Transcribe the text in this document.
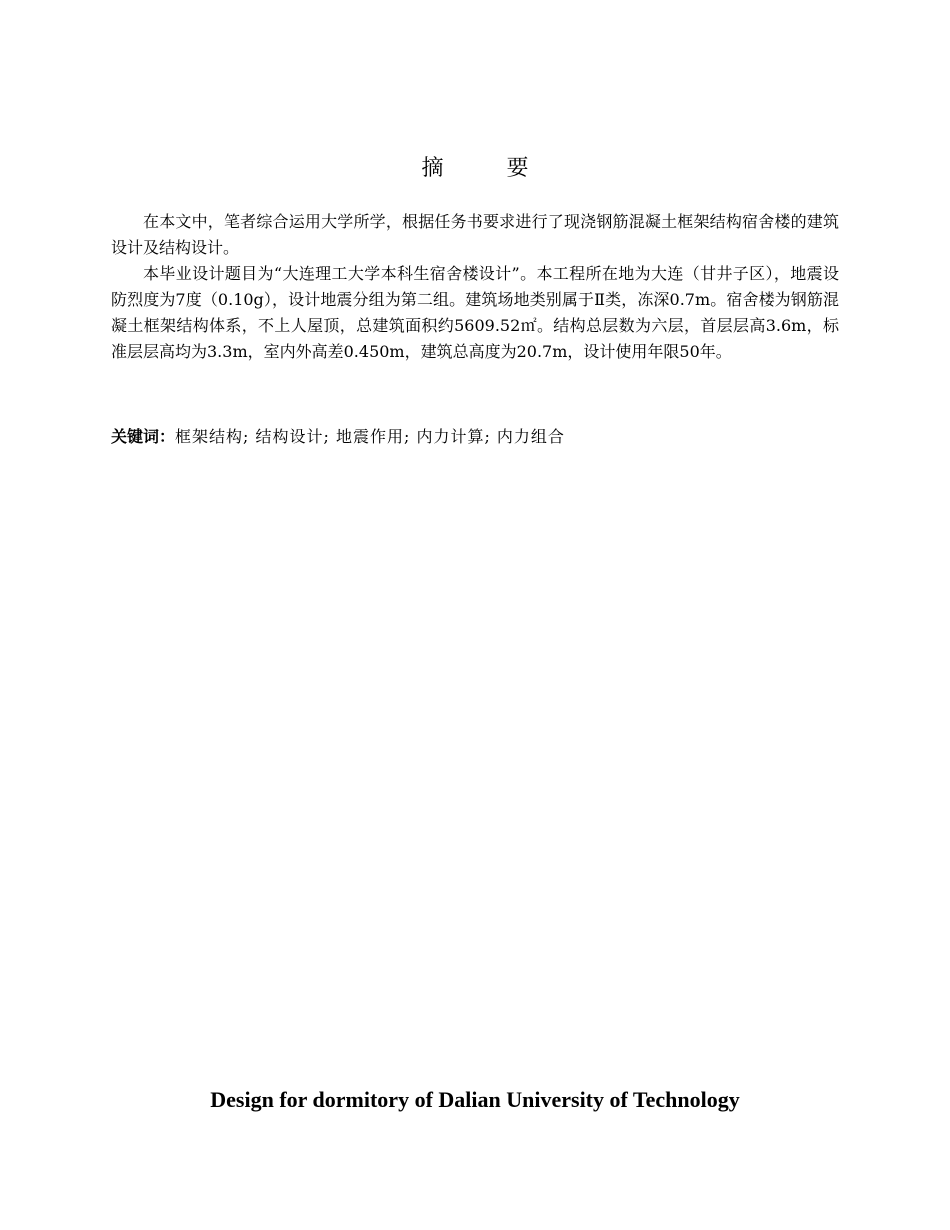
摘 要

在本文中，笔者综合运用大学所学，根据任务书要求进行了现浇钢筋混凝土框架结构宿舍楼的建筑设计及结构设计。

本毕业设计题目为“大连理工大学本科生宿舍楼设计”。本工程所在地为大连（甘井子区），地震设防烈度为7度（0.10g），设计地震分组为第二组。建筑场地类别属于Ⅱ类，冻深0.7m。宿舍楼为钢筋混凝土框架结构体系，不上人屋顶，总建筑面积约5609.52㎡。结构总层数为六层，首层层高3.6m，标准层层高均为3.3m，室内外高差0.450m，建筑总高度为20.7m，设计使用年限50年。

关键词：框架结构; 结构设计; 地震作用; 内力计算; 内力组合
Design for dormitory of Dalian University of Technology
